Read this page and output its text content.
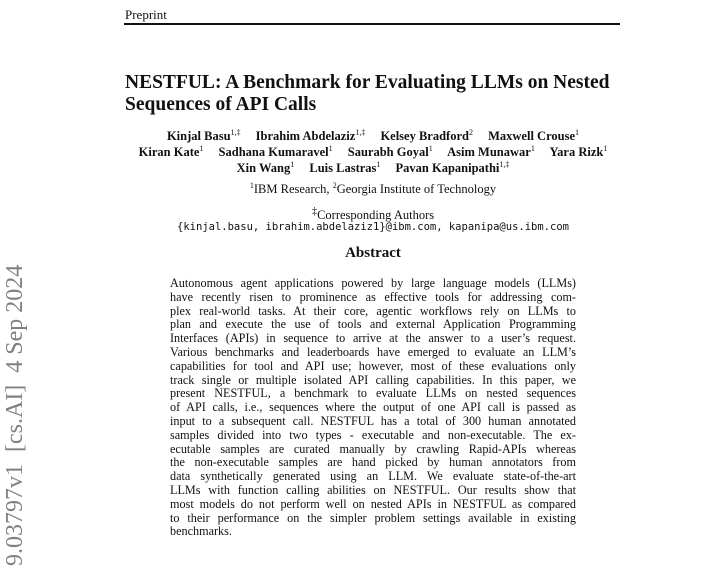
Preprint
NESTFUL: A Benchmark for Evaluating LLMs on Nested
Sequences of API Calls
Kinjal Basu$^{1,\ddagger}$ Ibrahim Abdelaziz$^{1,\ddagger}$ Kelsey Bradford$^2$ Maxwell Crouse$^1$
Kiran Kate$^1$ Sadhana Kumaravel$^1$ Saurabh Goyal$^1$ Asim Munawar$^1$ Yara Rizk$^1$
Xin Wang$^1$ Luis Lastras$^1$ Pavan Kapanipathi$^{1,\ddagger}$
$^1$IBM Research, $^2$Georgia Institute of Technology
‡Corresponding Authors
{kinjal.basu, ibrahim.abdelaziz1}@ibm.com, kapanipa@us.ibm.com
Abstract
Autonomous agent applications powered by large language models (LLMs)
have recently risen to prominence as effective tools for addressing com-
plex real-world tasks. At their core, agentic workflows rely on LLMs to
plan and execute the use of tools and external Application Programming
Interfaces (APIs) in sequence to arrive at the answer to a user’s request.
Various benchmarks and leaderboards have emerged to evaluate an LLM’s
capabilities for tool and API use; however, most of these evaluations only
track single or multiple isolated API calling capabilities. In this paper, we
present NESTFUL, a benchmark to evaluate LLMs on nested sequences
of API calls, i.e., sequences where the output of one API call is passed as
input to a subsequent call. NESTFUL has a total of 300 human annotated
samples divided into two types - executable and non-executable. The ex-
ecutable samples are curated manually by crawling Rapid-APIs whereas
the non-executable samples are hand picked by human annotators from
data synthetically generated using an LLM. We evaluate state-of-the-art
LLMs with function calling abilities on NESTFUL. Our results show that
most models do not perform well on nested APIs in NESTFUL as compared
to their performance on the simpler problem settings available in existing
benchmarks.
9.03797v1  [cs.AI]  4 Sep 2024
